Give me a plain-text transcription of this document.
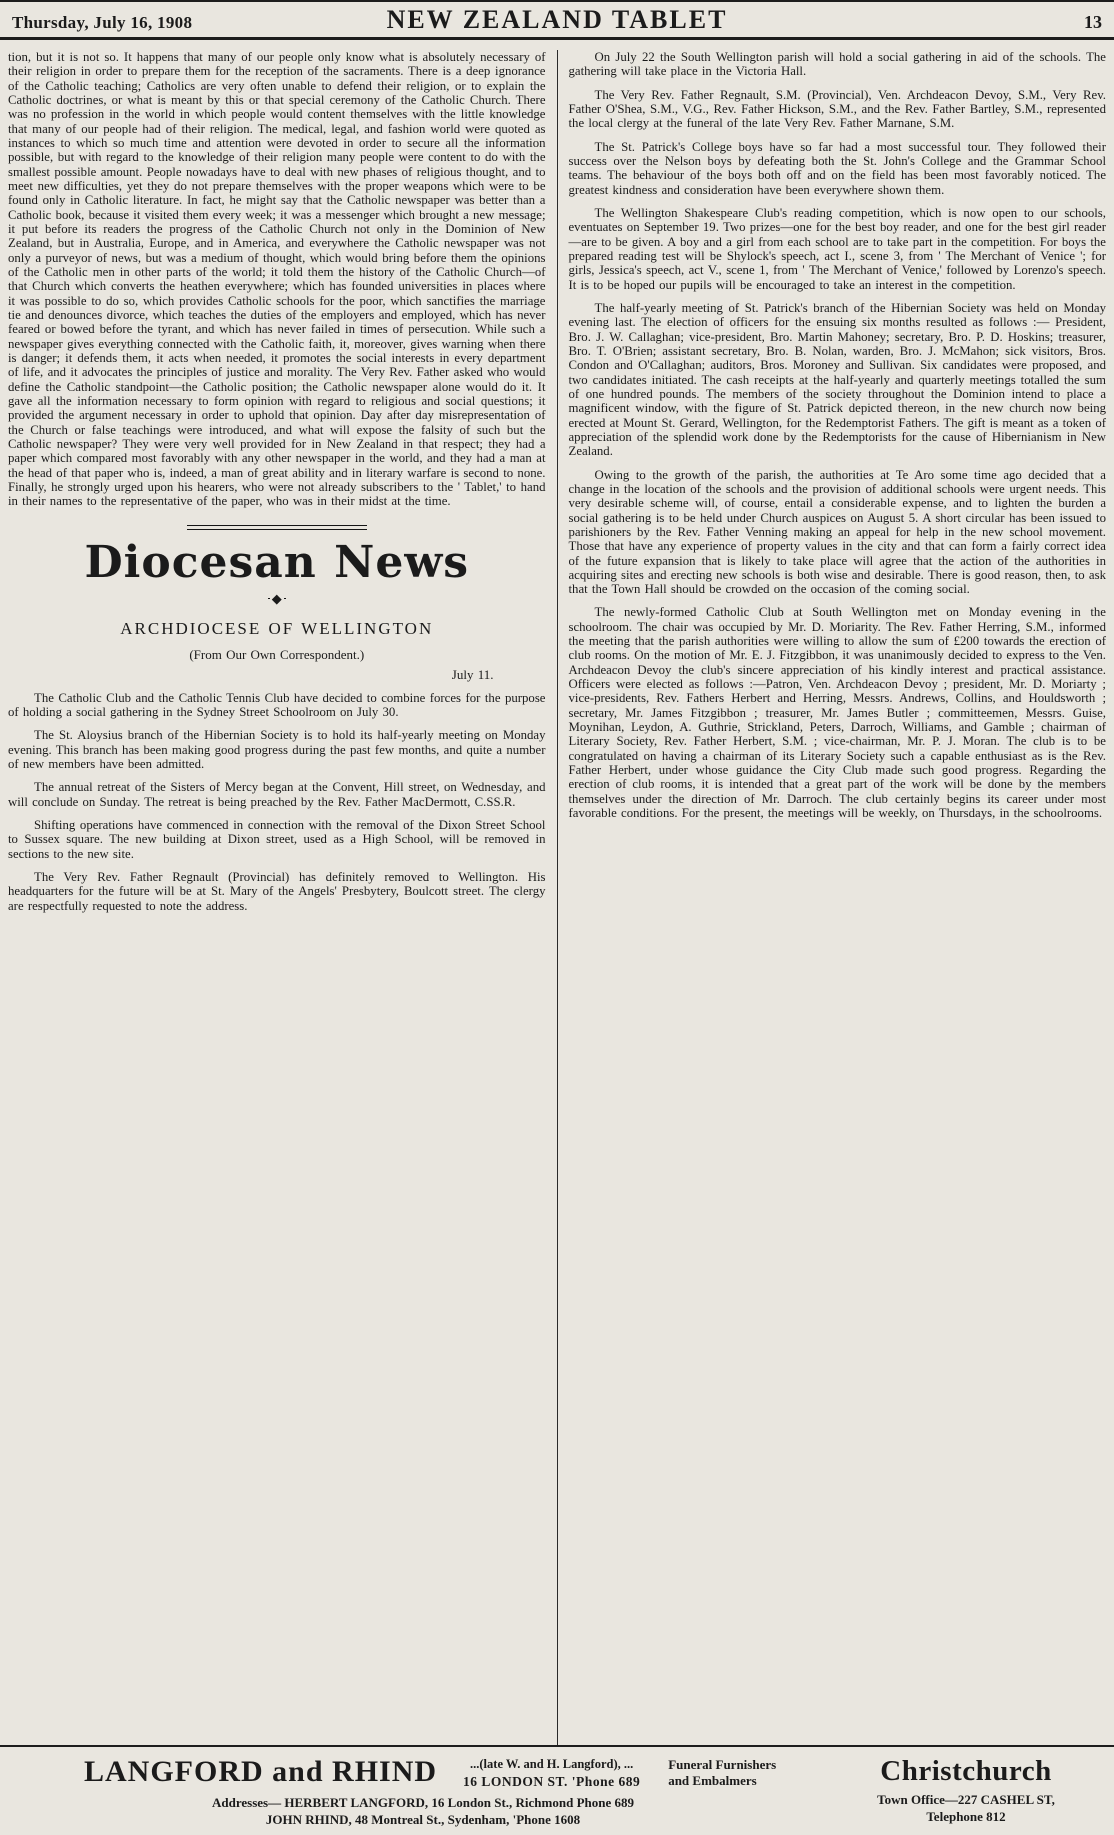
Thursday, July 16, 1908	NEW ZEALAND TABLET	13

tion, but it is not so. It happens that many of our people only know what is absolutely necessary of their religion in order to prepare them for the reception of the sacraments. There is a deep ignorance of the Catholic teaching; Catholics are very often unable to defend their religion, or to explain the Catholic doctrines, or what is meant by this or that special ceremony of the Catholic Church. There was no profession in the world in which people would content themselves with the little knowledge that many of our people had of their religion. The medical, legal, and fashion world were quoted as instances to which so much time and attention were devoted in order to secure all the information possible, but with regard to the knowledge of their religion many people were content to do with the smallest possible amount. People nowadays have to deal with new phases of religious thought, and to meet new difficulties, yet they do not prepare themselves with the proper weapons which were to be found only in Catholic literature. In fact, he might say that the Catholic newspaper was better than a Catholic book, because it visited them every week; it was a messenger which brought a new message; it put before its readers the progress of the Catholic Church not only in the Dominion of New Zealand, but in Australia, Europe, and in America, and everywhere the Catholic newspaper was not only a purveyor of news, but was a medium of thought, which would bring before them the opinions of the Catholic men in other parts of the world; it told them the history of the Catholic Church—of that Church which converts the heathen everywhere; which has founded universities in places where it was possible to do so, which provides Catholic schools for the poor, which sanctifies the marriage tie and denounces divorce, which teaches the duties of the employers and employed, which has never feared or bowed before the tyrant, and which has never failed in times of persecution. While such a newspaper gives everything connected with the Catholic faith, it, moreover, gives warning when there is danger; it defends them, it acts when needed, it promotes the social interests in every department of life, and it advocates the principles of justice and morality. The Very Rev. Father asked who would define the Catholic standpoint—the Catholic position; the Catholic newspaper alone would do it. It gave all the information necessary to form opinion with regard to religious and social questions; it provided the argument necessary in order to uphold that opinion. Day after day misrepresentation of the Church or false teachings were introduced, and what will expose the falsity of such but the Catholic newspaper? They were very well provided for in New Zealand in that respect; they had a paper which compared most favorably with any other newspaper in the world, and they had a man at the head of that paper who is, indeed, a man of great ability and in literary warfare is second to none. Finally, he strongly urged upon his hearers, who were not already subscribers to the ' Tablet,' to hand in their names to the representative of the paper, who was in their midst at the time.

Diocesan News
◆
ARCHDIOCESE OF WELLINGTON
(From Our Own Correspondent.)
July 11.

The Catholic Club and the Catholic Tennis Club have decided to combine forces for the purpose of holding a social gathering in the Sydney Street Schoolroom on July 30.

The St. Aloysius branch of the Hibernian Society is to hold its half-yearly meeting on Monday evening. This branch has been making good progress during the past few months, and quite a number of new members have been admitted.

The annual retreat of the Sisters of Mercy began at the Convent, Hill street, on Wednesday, and will conclude on Sunday. The retreat is being preached by the Rev. Father MacDermott, C.SS.R.

Shifting operations have commenced in connection with the removal of the Dixon Street School to Sussex square. The new building at Dixon street, used as a High School, will be removed in sections to the new site.

The Very Rev. Father Regnault (Provincial) has definitely removed to Wellington. His headquarters for the future will be at St. Mary of the Angels' Presbytery, Boulcott street. The clergy are respectfully requested to note the address.

On July 22 the South Wellington parish will hold a social gathering in aid of the schools. The gathering will take place in the Victoria Hall.

The Very Rev. Father Regnault, S.M. (Provincial), Ven. Archdeacon Devoy, S.M., Very Rev. Father O'Shea, S.M., V.G., Rev. Father Hickson, S.M., and the Rev. Father Bartley, S.M., represented the local clergy at the funeral of the late Very Rev. Father Marnane, S.M.

The St. Patrick's College boys have so far had a most successful tour. They followed their success over the Nelson boys by defeating both the St. John's College and the Grammar School teams. The behaviour of the boys both off and on the field has been most favorably noticed. The greatest kindness and consideration have been everywhere shown them.

The Wellington Shakespeare Club's reading competition, which is now open to our schools, eventuates on September 19. Two prizes—one for the best boy reader, and one for the best girl reader—are to be given. A boy and a girl from each school are to take part in the competition. For boys the prepared reading test will be Shylock's speech, act I., scene 3, from ' The Merchant of Venice '; for girls, Jessica's speech, act V., scene 1, from ' The Merchant of Venice,' followed by Lorenzo's speech. It is to be hoped our pupils will be encouraged to take an interest in the competition.

The half-yearly meeting of St. Patrick's branch of the Hibernian Society was held on Monday evening last. The election of officers for the ensuing six months resulted as follows :— President, Bro. J. W. Callaghan; vice-president, Bro. Martin Mahoney; secretary, Bro. P. D. Hoskins; treasurer, Bro. T. O'Brien; assistant secretary, Bro. B. Nolan, warden, Bro. J. McMahon; sick visitors, Bros. Condon and O'Callaghan; auditors, Bros. Moroney and Sullivan. Six candidates were proposed, and two candidates initiated. The cash receipts at the half-yearly and quarterly meetings totalled the sum of one hundred pounds. The members of the society throughout the Dominion intend to place a magnificent window, with the figure of St. Patrick depicted thereon, in the new church now being erected at Mount St. Gerard, Wellington, for the Redemptorist Fathers. The gift is meant as a token of appreciation of the splendid work done by the Redemptorists for the cause of Hibernianism in New Zealand.

Owing to the growth of the parish, the authorities at Te Aro some time ago decided that a change in the location of the schools and the provision of additional schools were urgent needs. This very desirable scheme will, of course, entail a considerable expense, and to lighten the burden a social gathering is to be held under Church auspices on August 5. A short circular has been issued to parishioners by the Rev. Father Venning making an appeal for help in the new school movement. Those that have any experience of property values in the city and that can form a fairly correct idea of the future expansion that is likely to take place will agree that the action of the authorities in acquiring sites and erecting new schools is both wise and desirable. There is good reason, then, to ask that the Town Hall should be crowded on the occasion of the coming social.

The newly-formed Catholic Club at South Wellington met on Monday evening in the schoolroom. The chair was occupied by Mr. D. Moriarity. The Rev. Father Herring, S.M., informed the meeting that the parish authorities were willing to allow the sum of £200 towards the erection of club rooms. On the motion of Mr. E. J. Fitzgibbon, it was unanimously decided to express to the Ven. Archdeacon Devoy the club's sincere appreciation of his kindly interest and practical assistance. Officers were elected as follows :—Patron, Ven. Archdeacon Devoy ; president, Mr. D. Moriarty ; vice-presidents, Rev. Fathers Herbert and Herring, Messrs. Andrews, Collins, and Houldsworth ; secretary, Mr. James Fitzgibbon ; treasurer, Mr. James Butler ; committeemen, Messrs. Guise, Moynihan, Leydon, A. Guthrie, Strickland, Peters, Darroch, Williams, and Gamble ; chairman of Literary Society, Rev. Father Herbert, S.M. ; vice-chairman, Mr. P. J. Moran. The club is to be congratulated on having a chairman of its Literary Society such a capable enthusiast as is the Rev. Father Herbert, under whose guidance the City Club made such good progress. Regarding the erection of club rooms, it is intended that a great part of the work will be done by the members themselves under the direction of Mr. Darroch. The club certainly begins its career under most favorable conditions. For the present, the meetings will be weekly, on Thursdays, in the schoolrooms.

LANGFORD and RHIND	...(late W. and H. Langford), ...
16 LONDON ST. 'Phone 689
Funeral Furnishers and Embalmers
Addresses— HERBERT LANGFORD, 16 London St., Richmond Phone 689
JOHN RHIND, 48 Montreal St., Sydenham, 'Phone 1608
Christchurch
Town Office—227 CASHEL ST,
Telephone 812
